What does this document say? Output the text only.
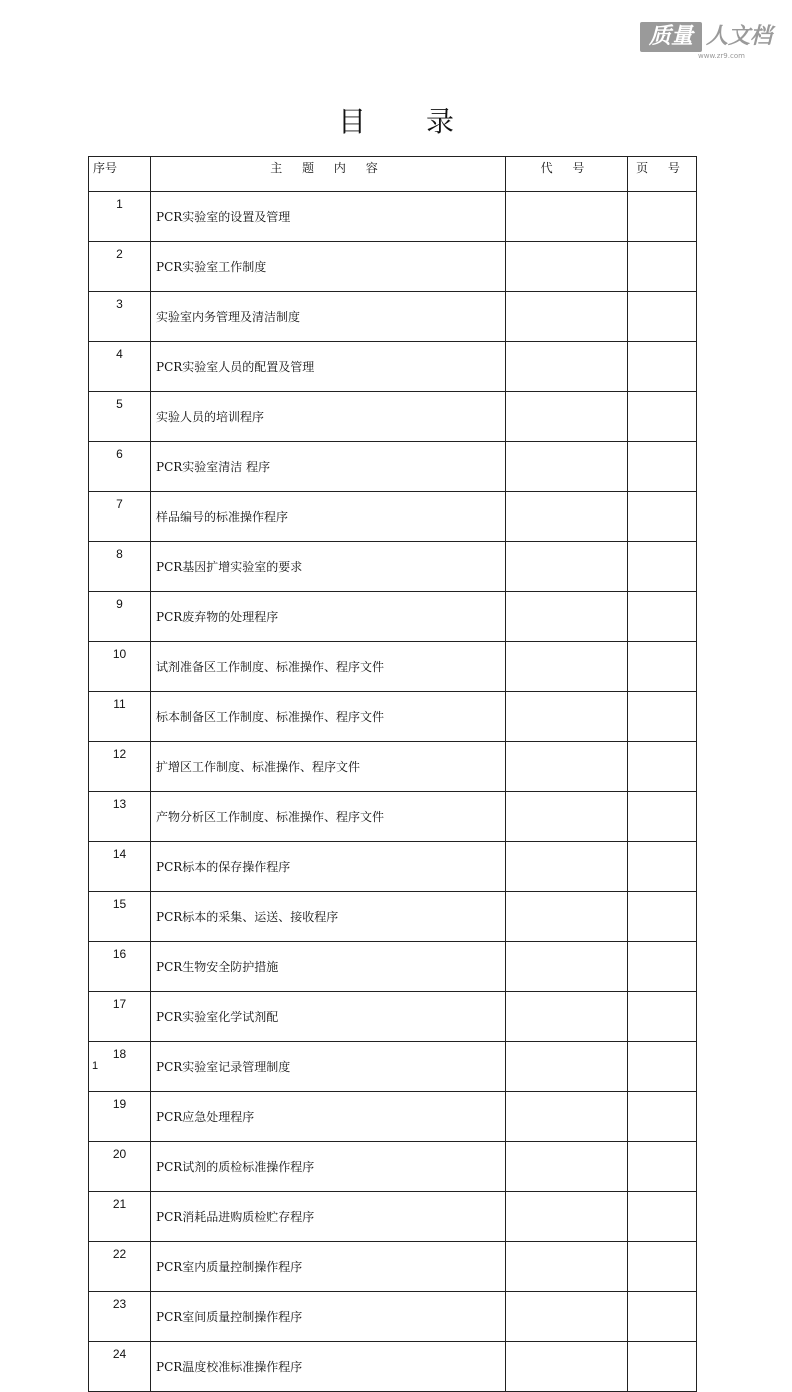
质量 人文档
www.zr9.com
目录
序号	主 题 内 容	代 号	页 号
1	PCR实验室的设置及管理		
2	PCR实验室工作制度		
3	实验室内务管理及清洁制度		
4	PCR实验室人员的配置及管理		
5	实验人员的培训程序		
6	PCR实验室清洁 程序		
7	样品编号的标准操作程序		
8	PCR基因扩增实验室的要求		
9	PCR废弃物的处理程序		
10	试剂准备区工作制度、标准操作、程序文件		
11	标本制备区工作制度、标准操作、程序文件		
12	扩增区工作制度、标准操作、程序文件		
13	产物分析区工作制度、标准操作、程序文件		
14	PCR标本的保存操作程序		
15	PCR标本的采集、运送、接收程序		
16	PCR生物安全防护措施		
17	PCR实验室化学试剂配		
18	PCR实验室记录管理制度		
19	PCR应急处理程序		
20	PCR试剂的质检标准操作程序		
21	PCR消耗品进购质检贮存程序		
22	PCR室内质量控制操作程序		
23	PCR室间质量控制操作程序		
24	PCR温度校准标准操作程序		
1
